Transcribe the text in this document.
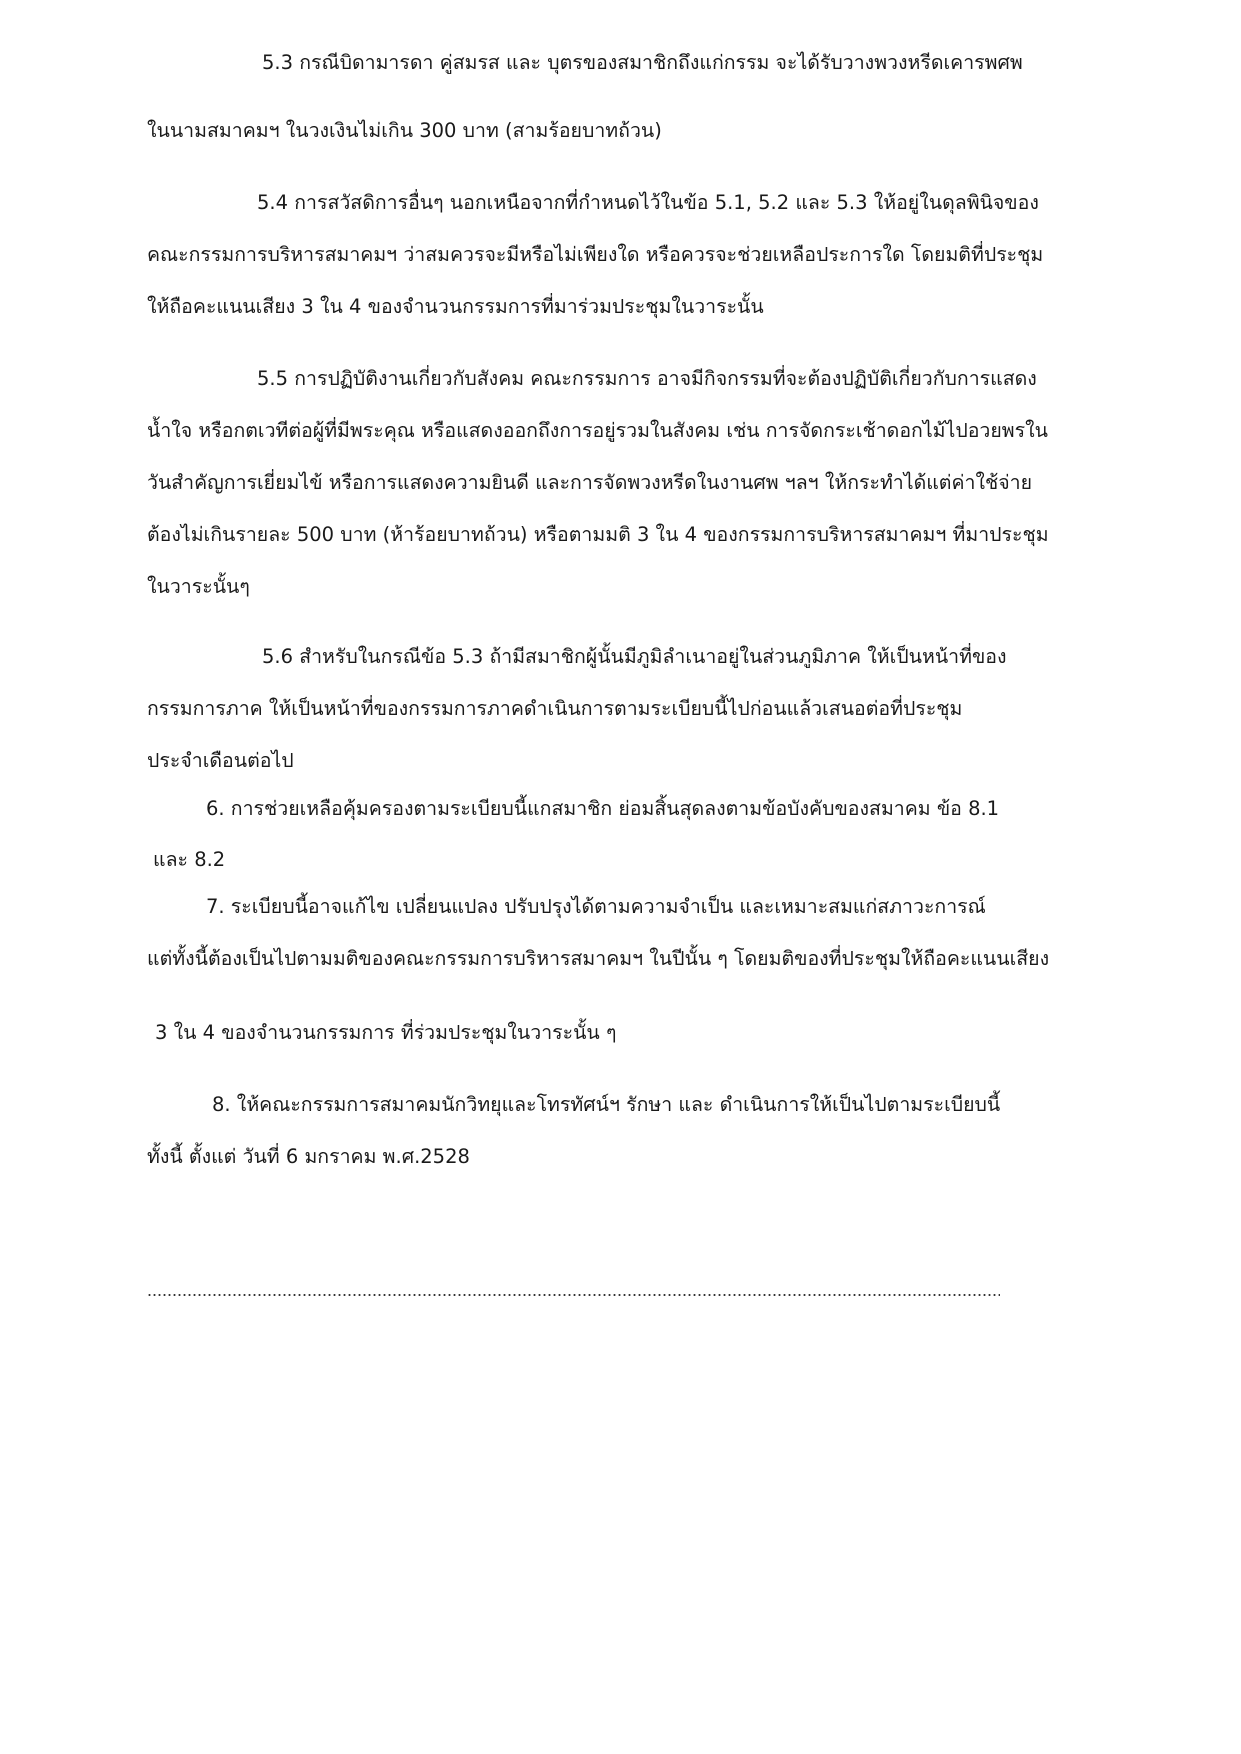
5.3 กรณีบิดามารดา คู่สมรส และ บุตรของสมาชิกถึงแก่กรรม จะได้รับวางพวงหรีดเคารพศพ
ในนามสมาคมฯ ในวงเงินไม่เกิน 300 บาท (สามร้อยบาทถ้วน)
5.4 การสวัสดิการอื่นๆ นอกเหนือจากที่กำหนดไว้ในข้อ 5.1, 5.2 และ 5.3 ให้อยู่ในดุลพินิจของ
คณะกรรมการบริหารสมาคมฯ ว่าสมควรจะมีหรือไม่เพียงใด หรือควรจะช่วยเหลือประการใด โดยมติที่ประชุม
ให้ถือคะแนนเสียง 3 ใน 4 ของจำนวนกรรมการที่มาร่วมประชุมในวาระนั้น
5.5 การปฏิบัติงานเกี่ยวกับสังคม คณะกรรมการ อาจมีกิจกรรมที่จะต้องปฏิบัติเกี่ยวกับการแสดง
น้ำใจ หรือกตเวทีต่อผู้ที่มีพระคุณ หรือแสดงออกถึงการอยู่รวมในสังคม เช่น การจัดกระเช้าดอกไม้ไปอวยพรใน
วันสำคัญการเยี่ยมไข้ หรือการแสดงความยินดี และการจัดพวงหรีดในงานศพ ฯลฯ ให้กระทำได้แต่ค่าใช้จ่าย
ต้องไม่เกินรายละ 500 บาท (ห้าร้อยบาทถ้วน) หรือตามมติ 3 ใน 4 ของกรรมการบริหารสมาคมฯ ที่มาประชุม
ในวาระนั้นๆ
5.6 สำหรับในกรณีข้อ 5.3 ถ้ามีสมาชิกผู้นั้นมีภูมิลำเนาอยู่ในส่วนภูมิภาค ให้เป็นหน้าที่ของ
กรรมการภาค ให้เป็นหน้าที่ของกรรมการภาคดำเนินการตามระเบียบนี้ไปก่อนแล้วเสนอต่อที่ประชุม
ประจำเดือนต่อไป
6. การช่วยเหลือคุ้มครองตามระเบียบนี้แกสมาชิก ย่อมสิ้นสุดลงตามข้อบังคับของสมาคม ข้อ 8.1
และ 8.2
7. ระเบียบนี้อาจแก้ไข เปลี่ยนแปลง ปรับปรุงได้ตามความจำเป็น และเหมาะสมแก่สภาวะการณ์
แต่ทั้งนี้ต้องเป็นไปตามมติของคณะกรรมการบริหารสมาคมฯ ในปีนั้น ๆ โดยมติของที่ประชุมให้ถือคะแนนเสียง
3 ใน 4 ของจำนวนกรรมการ ที่ร่วมประชุมในวาระนั้น ๆ
8. ให้คณะกรรมการสมาคมนักวิทยุและโทรทัศน์ฯ รักษา และ ดำเนินการให้เป็นไปตามระเบียบนี้
ทั้งนี้ ตั้งแต่ วันที่ 6 มกราคม พ.ศ.2528
